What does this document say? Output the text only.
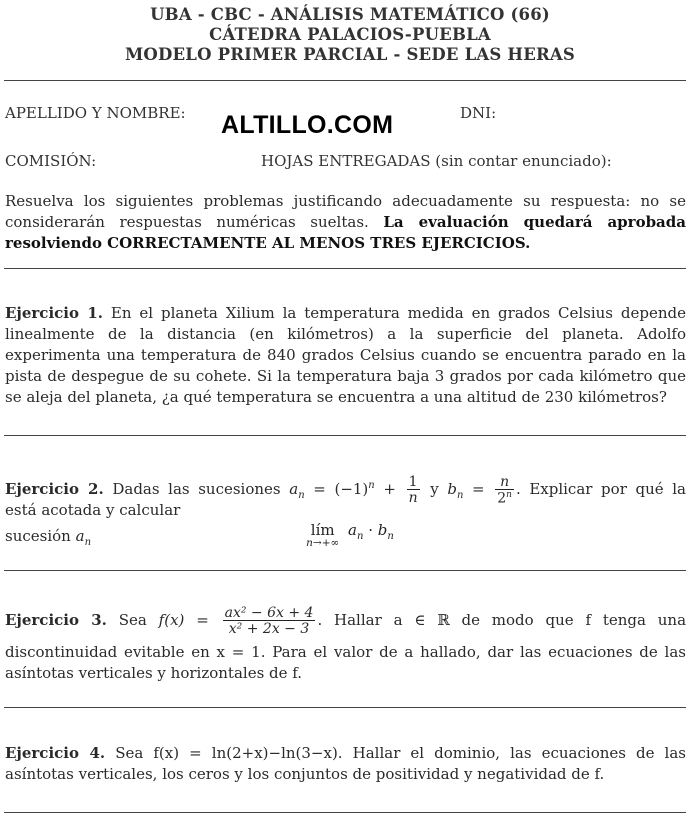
UBA - CBC - ANÁLISIS MATEMÁTICO (66)
CÁTEDRA PALACIOS-PUEBLA
MODELO PRIMER PARCIAL - SEDE LAS HERAS
APELLIDO Y NOMBRE: ALTILLO.COM	DNI:
COMISIÓN:	HOJAS ENTREGADAS (sin contar enunciado):
Resuelva los siguientes problemas justificando adecuadamente su respuesta: no se considerarán respuestas numéricas sueltas. La evaluación quedará aprobada resolviendo CORRECTAMENTE AL MENOS TRES EJERCICIOS.
Ejercicio 1. En el planeta Xilium la temperatura medida en grados Celsius depende linealmente de la distancia (en kilómetros) a la superficie del planeta. Adolfo experimenta una temperatura de 840 grados Celsius cuando se encuentra parado en la pista de despegue de su cohete. Si la temperatura baja 3 grados por cada kilómetro que se aleja del planeta, ¿a qué temperatura se encuentra a una altitud de 230 kilómetros?
Ejercicio 2. Dadas las sucesiones $a_n = (-1)^n + \frac{1}{n}$ y $b_n = \frac{n}{2^n}$ . Explicar por qué la sucesión $a_n$
está acotada y calcular
lím
n→+∞
$a_n \cdot b_n$
Ejercicio 3. Sea $f(x) = \frac{\text{ax² − 6x + 4}}{\text{x² + 2x − 3}}$ . Hallar a ∈ ℝ de modo que f tenga una discontinuidad evitable en x = 1. Para el valor de a hallado, dar las ecuaciones de las asíntotas verticales y horizontales de f.
Ejercicio 4. Sea f(x) = ln(2+x)−ln(3−x). Hallar el dominio, las ecuaciones de las asíntotas verticales, los ceros y los conjuntos de positividad y negatividad de f.
